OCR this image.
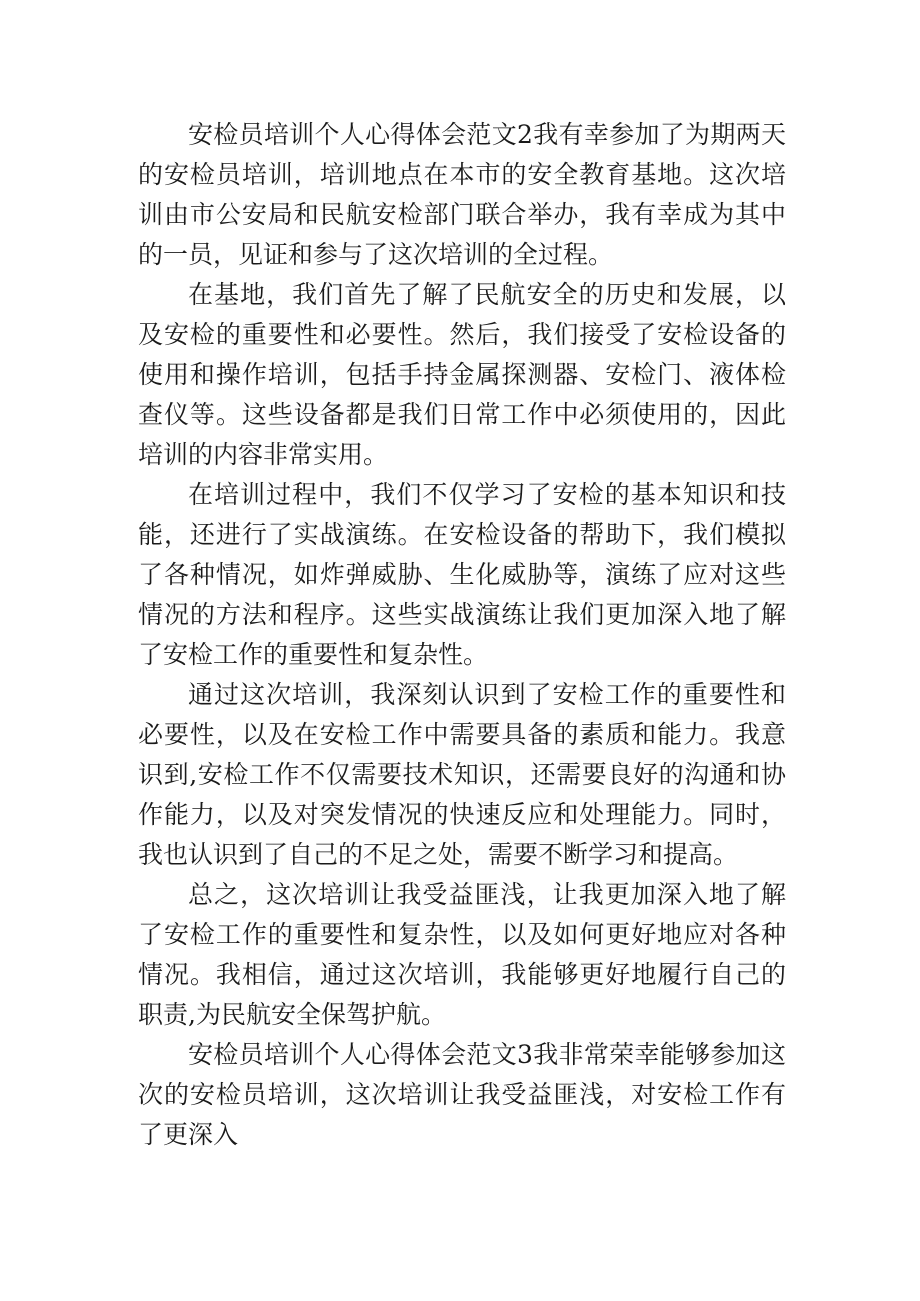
安检员培训个人心得体会范文2我有幸参加了为期两天的安检员培训，培训地点在本市的安全教育基地。这次培训由市公安局和民航安检部门联合举办，我有幸成为其中的一员，见证和参与了这次培训的全过程。

在基地，我们首先了解了民航安全的历史和发展，以及安检的重要性和必要性。然后，我们接受了安检设备的使用和操作培训，包括手持金属探测器、安检门、液体检查仪等。这些设备都是我们日常工作中必须使用的，因此培训的内容非常实用。

在培训过程中，我们不仅学习了安检的基本知识和技能，还进行了实战演练。在安检设备的帮助下，我们模拟了各种情况，如炸弹威胁、生化威胁等，演练了应对这些情况的方法和程序。这些实战演练让我们更加深入地了解了安检工作的重要性和复杂性。

通过这次培训，我深刻认识到了安检工作的重要性和必要性，以及在安检工作中需要具备的素质和能力。我意识到,安检工作不仅需要技术知识，还需要良好的沟通和协作能力，以及对突发情况的快速反应和处理能力。同时，我也认识到了自己的不足之处，需要不断学习和提高。

总之，这次培训让我受益匪浅，让我更加深入地了解了安检工作的重要性和复杂性，以及如何更好地应对各种情况。我相信，通过这次培训，我能够更好地履行自己的职责,为民航安全保驾护航。

安检员培训个人心得体会范文3我非常荣幸能够参加这次的安检员培训，这次培训让我受益匪浅，对安检工作有了更深入
